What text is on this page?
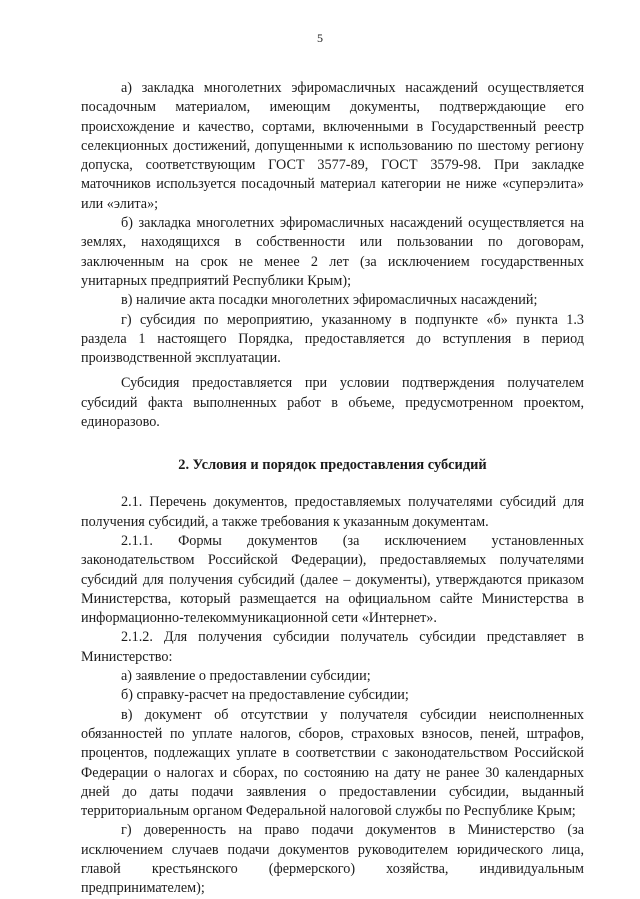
5

а) закладка многолетних эфиромасличных насаждений осуществляется посадочным материалом, имеющим документы, подтверждающие его происхождение и качество, сортами, включенными в Государственный реестр селекционных достижений, допущенными к использованию по шестому региону допуска, соответствующим ГОСТ 3577-89, ГОСТ 3579-98. При закладке маточников используется посадочный материал категории не ниже «суперэлита» или «элита»;

б) закладка многолетних эфиромасличных насаждений осуществляется на землях, находящихся в собственности или пользовании по договорам, заключенным на срок не менее 2 лет (за исключением государственных унитарных предприятий Республики Крым);

в) наличие акта посадки многолетних эфиромасличных насаждений;

г) субсидия по мероприятию, указанному в подпункте «б» пункта 1.3 раздела 1 настоящего Порядка, предоставляется до вступления в период производственной эксплуатации.

Субсидия предоставляется при условии подтверждения получателем субсидий факта выполненных работ в объеме, предусмотренном проектом, единоразово.

2. Условия и порядок предоставления субсидий

2.1. Перечень документов, предоставляемых получателями субсидий для получения субсидий, а также требования к указанным документам.

2.1.1. Формы документов (за исключением установленных законодательством Российской Федерации), предоставляемых получателями субсидий для получения субсидий (далее – документы), утверждаются приказом Министерства, который размещается на официальном сайте Министерства в информационно-телекоммуникационной сети «Интернет».

2.1.2. Для получения субсидии получатель субсидии представляет в Министерство:

а) заявление о предоставлении субсидии;

б) справку-расчет на предоставление субсидии;

в) документ об отсутствии у получателя субсидии неисполненных обязанностей по уплате налогов, сборов, страховых взносов, пеней, штрафов, процентов, подлежащих уплате в соответствии с законодательством Российской Федерации о налогах и сборах, по состоянию на дату не ранее 30 календарных дней до даты подачи заявления о предоставлении субсидии, выданный территориальным органом Федеральной налоговой службы по Республике Крым;

г) доверенность на право подачи документов в Министерство (за исключением случаев подачи документов руководителем юридического лица, главой крестьянского (фермерского) хозяйства, индивидуальным предпринимателем);
